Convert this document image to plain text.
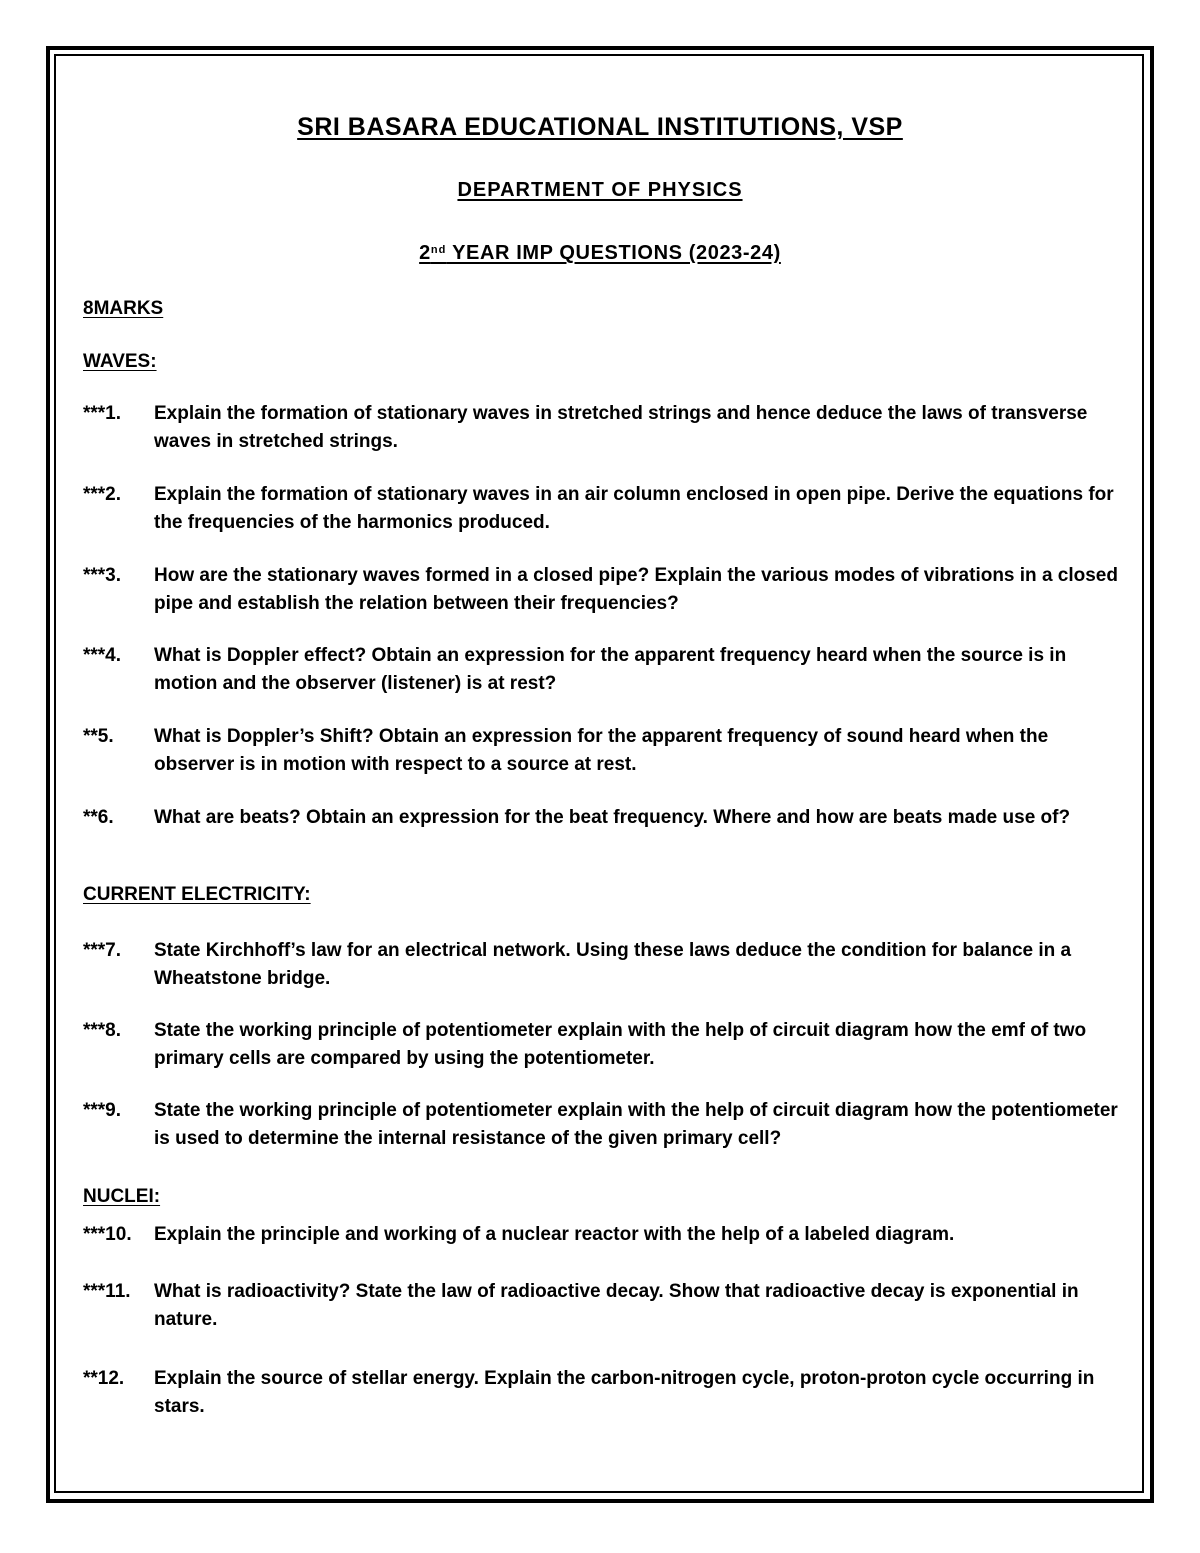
SRI BASARA EDUCATIONAL INSTITUTIONS, VSP
DEPARTMENT OF PHYSICS
2nd YEAR IMP QUESTIONS (2023-24)
8MARKS
WAVES:
***1. Explain the formation of stationary waves in stretched strings and hence deduce the laws of transverse waves in stretched strings.
***2. Explain the formation of stationary waves in an air column enclosed in open pipe. Derive the equations for the frequencies of the harmonics produced.
***3. How are the stationary waves formed in a closed pipe? Explain the various modes of vibrations in a closed pipe and establish the relation between their frequencies?
***4. What is Doppler effect? Obtain an expression for the apparent frequency heard when the source is in motion and the observer (listener) is at rest?
**5. What is Doppler’s Shift? Obtain an expression for the apparent frequency of sound heard when the observer is in motion with respect to a source at rest.
**6. What are beats? Obtain an expression for the beat frequency. Where and how are beats made use of?
CURRENT ELECTRICITY:
***7. State Kirchhoff’s law for an electrical network. Using these laws deduce the condition for balance in a Wheatstone bridge.
***8. State the working principle of potentiometer explain with the help of circuit diagram how the emf of two primary cells are compared by using the potentiometer.
***9. State the working principle of potentiometer explain with the help of circuit diagram how the potentiometer is used to determine the internal resistance of the given primary cell?
NUCLEI:
***10. Explain the principle and working of a nuclear reactor with the help of a labeled diagram.
***11. What is radioactivity? State the law of radioactive decay. Show that radioactive decay is exponential in nature.
**12. Explain the source of stellar energy. Explain the carbon-nitrogen cycle, proton-proton cycle occurring in stars.
